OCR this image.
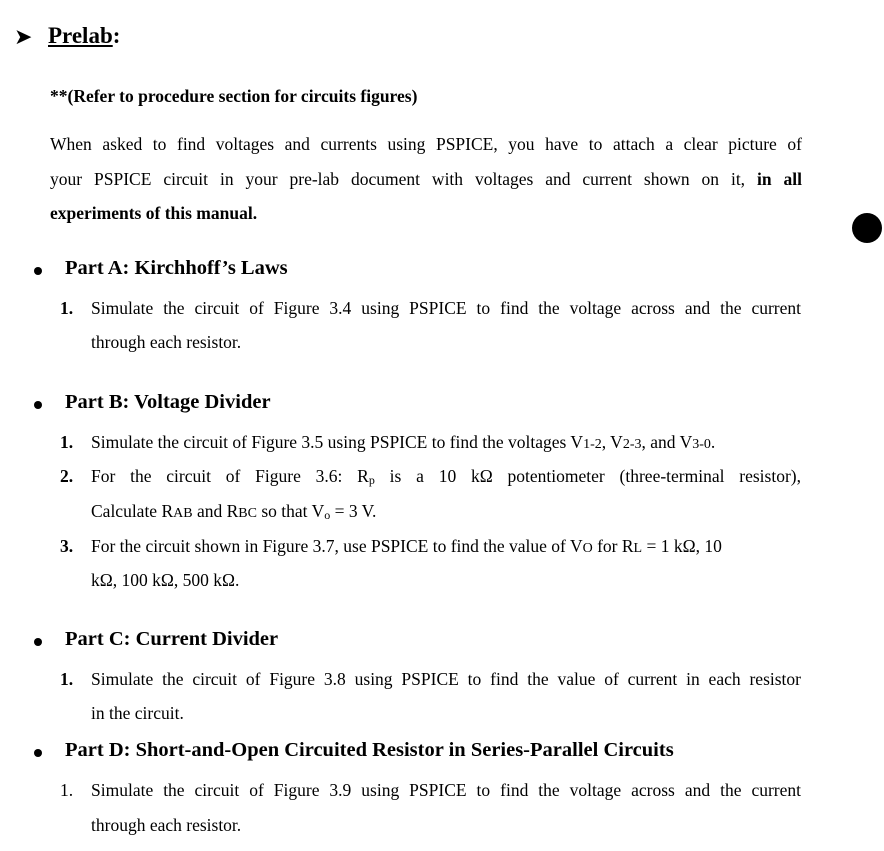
➤ Prelab:
**(Refer to procedure section for circuits figures)
When asked to find voltages and currents using PSPICE, you have to attach a clear picture of
your PSPICE circuit in your pre-lab document with voltages and current shown on it, in all
experiments of this manual.
Part A: Kirchhoff’s Laws
1. Simulate the circuit of Figure 3.4 using PSPICE to find the voltage across and the current
through each resistor.
Part B: Voltage Divider
1. Simulate the circuit of Figure 3.5 using PSPICE to find the voltages V1-2, V2-3, and V3-0.
2. For the circuit of Figure 3.6: Rp is a 10 kΩ potentiometer (three-terminal resistor),
Calculate RAB and RBC so that Vo = 3 V.
3. For the circuit shown in Figure 3.7, use PSPICE to find the value of VO for RL = 1 kΩ, 10
kΩ, 100 kΩ, 500 kΩ.
Part C: Current Divider
1. Simulate the circuit of Figure 3.8 using PSPICE to find the value of current in each resistor
in the circuit.
Part D: Short-and-Open Circuited Resistor in Series-Parallel Circuits
1. Simulate the circuit of Figure 3.9 using PSPICE to find the voltage across and the current
through each resistor.
